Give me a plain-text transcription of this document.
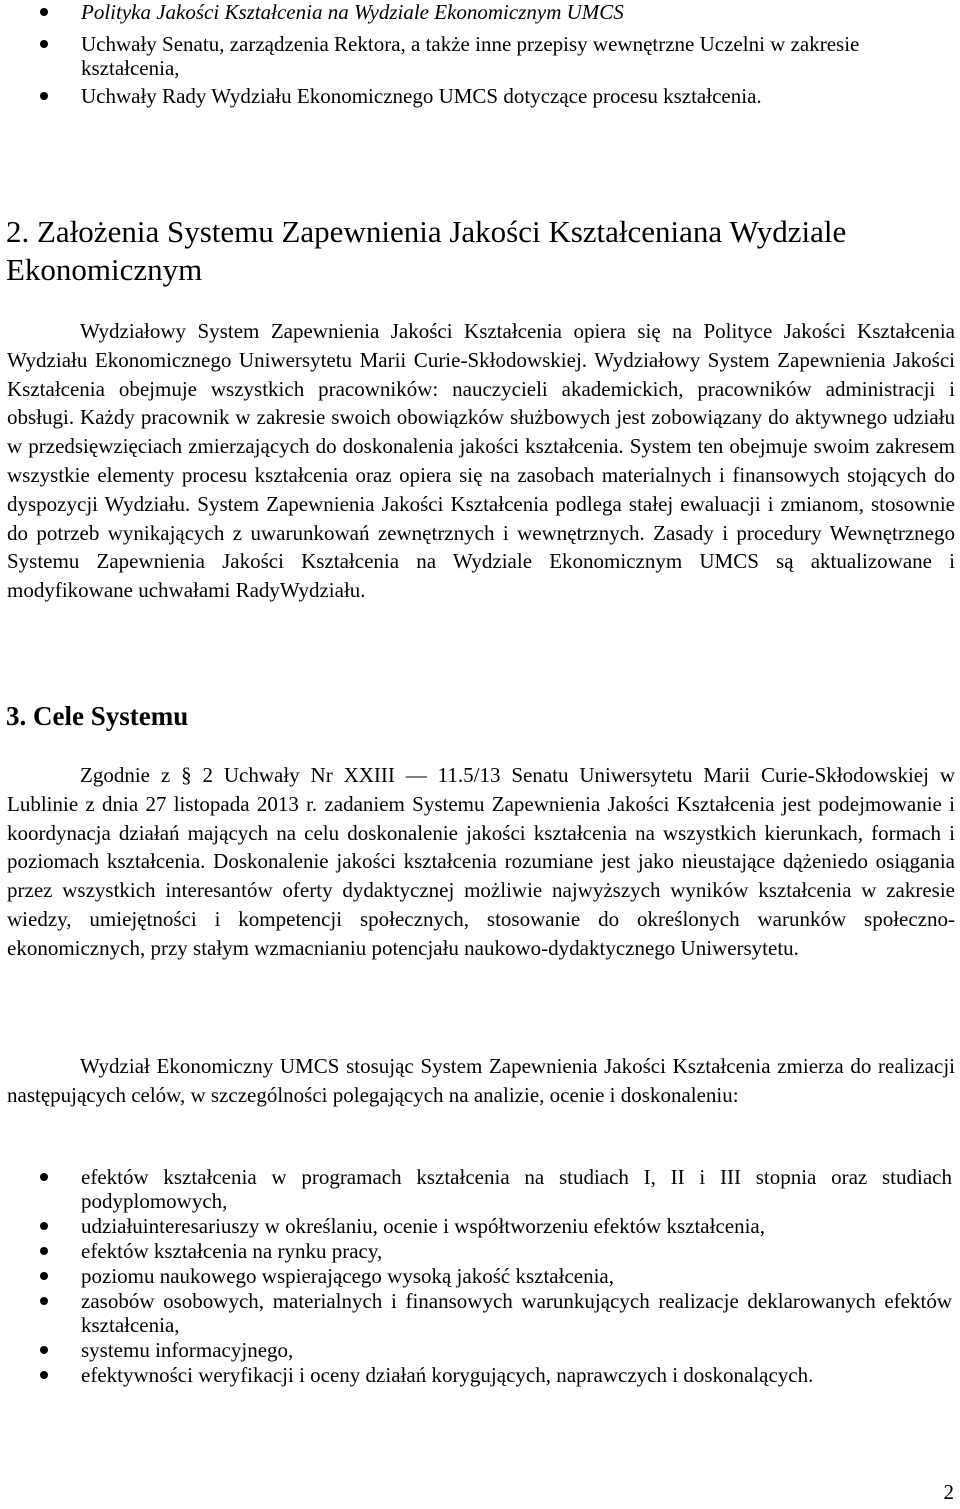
Polityka Jakości Kształcenia na Wydziale Ekonomicznym UMCS
Uchwały Senatu, zarządzenia Rektora, a także inne przepisy wewnętrzne Uczelni w zakresie kształcenia,
Uchwały Rady Wydziału Ekonomicznego UMCS dotyczące procesu kształcenia.
2. Założenia Systemu Zapewnienia Jakości Kształceniana Wydziale Ekonomicznym

Wydziałowy System Zapewnienia Jakości Kształcenia opiera się na Polityce Jakości Kształcenia Wydziału Ekonomicznego Uniwersytetu Marii Curie-Skłodowskiej. Wydziałowy System Zapewnienia Jakości Kształcenia obejmuje wszystkich pracowników: nauczycieli akademickich, pracowników administracji i obsługi. Każdy pracownik w zakresie swoich obowiązków służbowych jest zobowiązany do aktywnego udziału w przedsięwzięciach zmierzających do doskonalenia jakości kształcenia. System ten obejmuje swoim zakresem wszystkie elementy procesu kształcenia oraz opiera się na zasobach materialnych i finansowych stojących do dyspozycji Wydziału. System Zapewnienia Jakości Kształcenia podlega stałej ewaluacji i zmianom, stosownie do potrzeb wynikających z uwarunkowań zewnętrznych i wewnętrznych. Zasady i procedury Wewnętrznego Systemu Zapewnienia Jakości Kształcenia na Wydziale Ekonomicznym UMCS są aktualizowane i modyfikowane uchwałami RadyWydziału.

3. Cele Systemu

Zgodnie z § 2 Uchwały Nr XXIII — 11.5/13 Senatu Uniwersytetu Marii Curie-Skłodowskiej w Lublinie z dnia 27 listopada 2013 r. zadaniem Systemu Zapewnienia Jakości Kształcenia jest podejmowanie i koordynacja działań mających na celu doskonalenie jakości kształcenia na wszystkich kierunkach, formach i poziomach kształcenia. Doskonalenie jakości kształcenia rozumiane jest jako nieustające dążeniedo osiągania przez wszystkich interesantów oferty dydaktycznej możliwie najwyższych wyników kształcenia w zakresie wiedzy, umiejętności i kompetencji społecznych, stosowanie do określonych warunków społeczno-ekonomicznych, przy stałym wzmacnianiu potencjału naukowo-dydaktycznego Uniwersytetu.

Wydział Ekonomiczny UMCS stosując System Zapewnienia Jakości Kształcenia zmierza do realizacji następujących celów, w szczególności polegających na analizie, ocenie i doskonaleniu:

efektów kształcenia w programach kształcenia na studiach I, II i III stopnia oraz studiach podyplomowych,
udziałuinteresariuszy w określaniu, ocenie i współtworzeniu efektów kształcenia,
efektów kształcenia na rynku pracy,
poziomu naukowego wspierającego wysoką jakość kształcenia,
zasobów osobowych, materialnych i finansowych warunkujących realizacje deklarowanych efektów kształcenia,
systemu informacyjnego,
efektywności weryfikacji i oceny działań korygujących, naprawczych i doskonalących.
2
